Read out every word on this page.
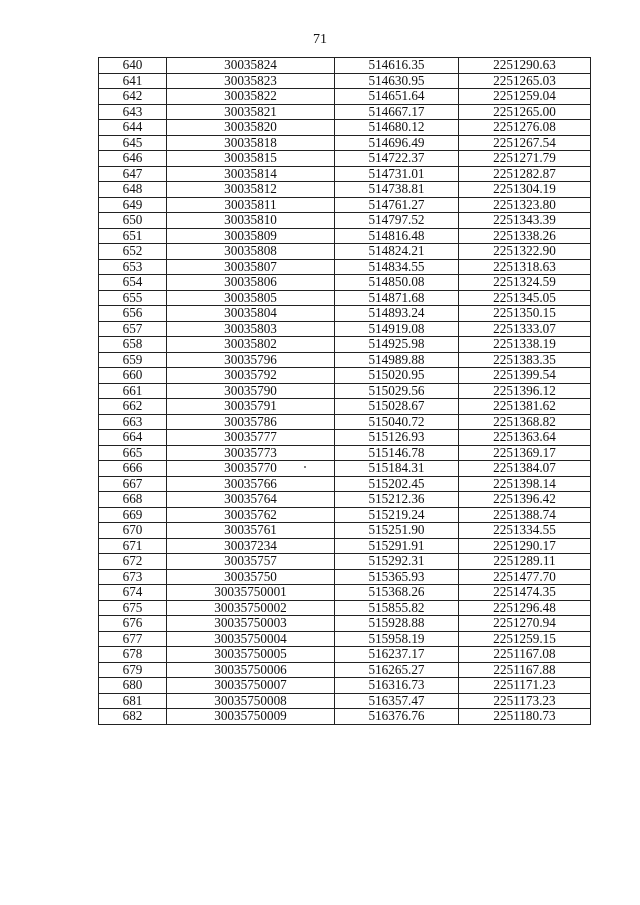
71
640	30035824	514616.35	2251290.63
641	30035823	514630.95	2251265.03
642	30035822	514651.64	2251259.04
643	30035821	514667.17	2251265.00
644	30035820	514680.12	2251276.08
645	30035818	514696.49	2251267.54
646	30035815	514722.37	2251271.79
647	30035814	514731.01	2251282.87
648	30035812	514738.81	2251304.19
649	30035811	514761.27	2251323.80
650	30035810	514797.52	2251343.39
651	30035809	514816.48	2251338.26
652	30035808	514824.21	2251322.90
653	30035807	514834.55	2251318.63
654	30035806	514850.08	2251324.59
655	30035805	514871.68	2251345.05
656	30035804	514893.24	2251350.15
657	30035803	514919.08	2251333.07
658	30035802	514925.98	2251338.19
659	30035796	514989.88	2251383.35
660	30035792	515020.95	2251399.54
661	30035790	515029.56	2251396.12
662	30035791	515028.67	2251381.62
663	30035786	515040.72	2251368.82
664	30035777	515126.93	2251363.64
665	30035773	515146.78	2251369.17
666	30035770	515184.31	2251384.07
667	30035766	515202.45	2251398.14
668	30035764	515212.36	2251396.42
669	30035762	515219.24	2251388.74
670	30035761	515251.90	2251334.55
671	30037234	515291.91	2251290.17
672	30035757	515292.31	2251289.11
673	30035750	515365.93	2251477.70
674	30035750001	515368.26	2251474.35
675	30035750002	515855.82	2251296.48
676	30035750003	515928.88	2251270.94
677	30035750004	515958.19	2251259.15
678	30035750005	516237.17	2251167.08
679	30035750006	516265.27	2251167.88
680	30035750007	516316.73	2251171.23
681	30035750008	516357.47	2251173.23
682	30035750009	516376.76	2251180.73
